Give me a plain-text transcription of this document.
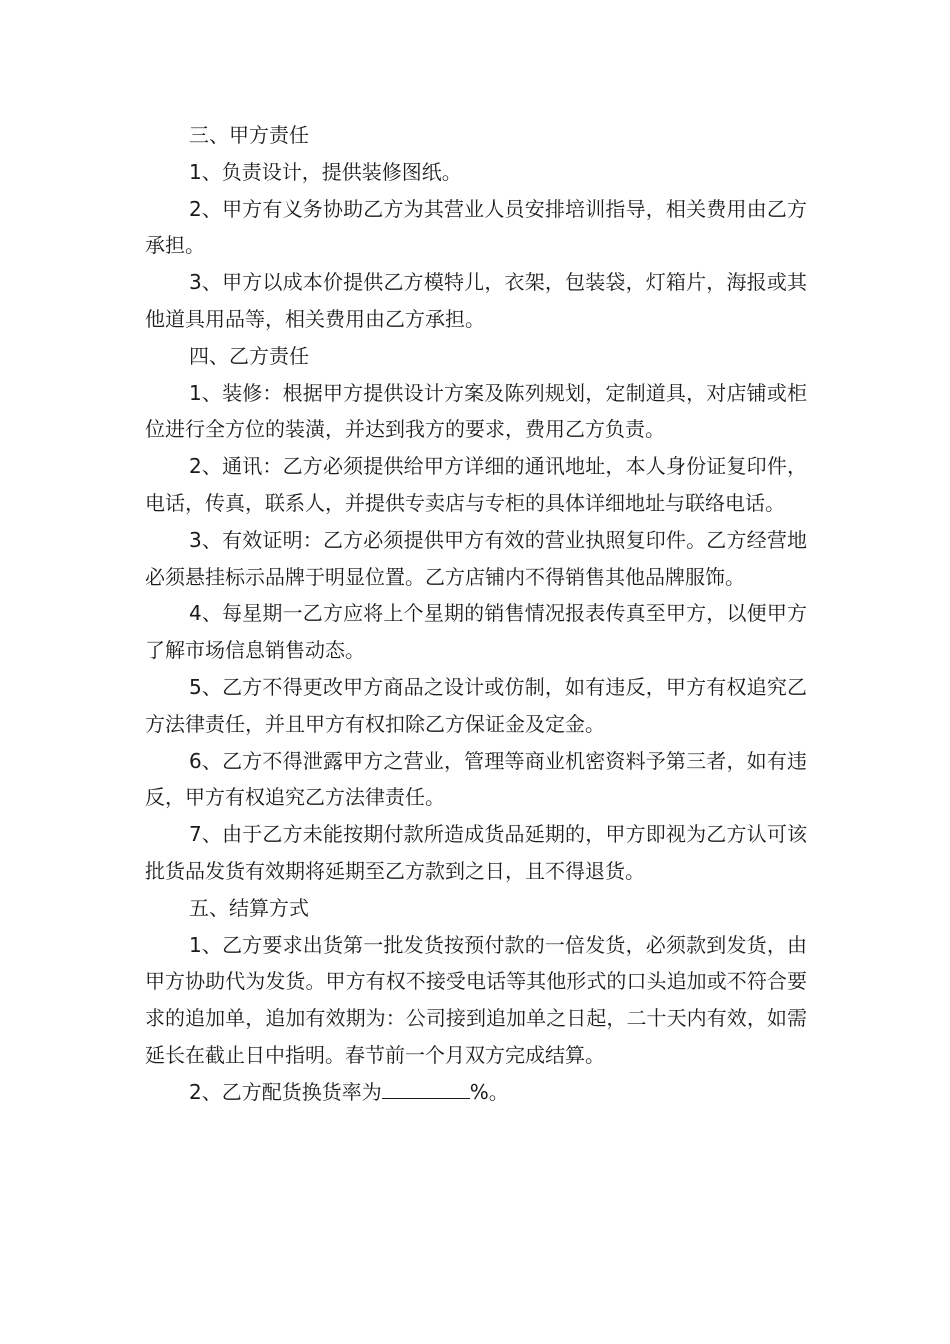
三、甲方责任

1、负责设计，提供装修图纸。

2、甲方有义务协助乙方为其营业人员安排培训指导，相关费用由乙方承担。

3、甲方以成本价提供乙方模特儿，衣架，包装袋，灯箱片，海报或其他道具用品等，相关费用由乙方承担。

四、乙方责任

1、装修：根据甲方提供设计方案及陈列规划，定制道具，对店铺或柜位进行全方位的装潢，并达到我方的要求，费用乙方负责。

2、通讯：乙方必须提供给甲方详细的通讯地址，本人身份证复印件，电话，传真，联系人，并提供专卖店与专柜的具体详细地址与联络电话。

3、有效证明：乙方必须提供甲方有效的营业执照复印件。乙方经营地必须悬挂标示品牌于明显位置。乙方店铺内不得销售其他品牌服饰。

4、每星期一乙方应将上个星期的销售情况报表传真至甲方，以便甲方了解市场信息销售动态。

5、乙方不得更改甲方商品之设计或仿制，如有违反，甲方有权追究乙方法律责任，并且甲方有权扣除乙方保证金及定金。

6、乙方不得泄露甲方之营业，管理等商业机密资料予第三者，如有违反，甲方有权追究乙方法律责任。

7、由于乙方未能按期付款所造成货品延期的，甲方即视为乙方认可该批货品发货有效期将延期至乙方款到之日，且不得退货。

五、结算方式

1、乙方要求出货第一批发货按预付款的一倍发货，必须款到发货，由甲方协助代为发货。甲方有权不接受电话等其他形式的口头追加或不符合要求的追加单，追加有效期为：公司接到追加单之日起，二十天内有效，如需延长在截止日中指明。春节前一个月双方完成结算。

2、乙方配货换货率为	%。
